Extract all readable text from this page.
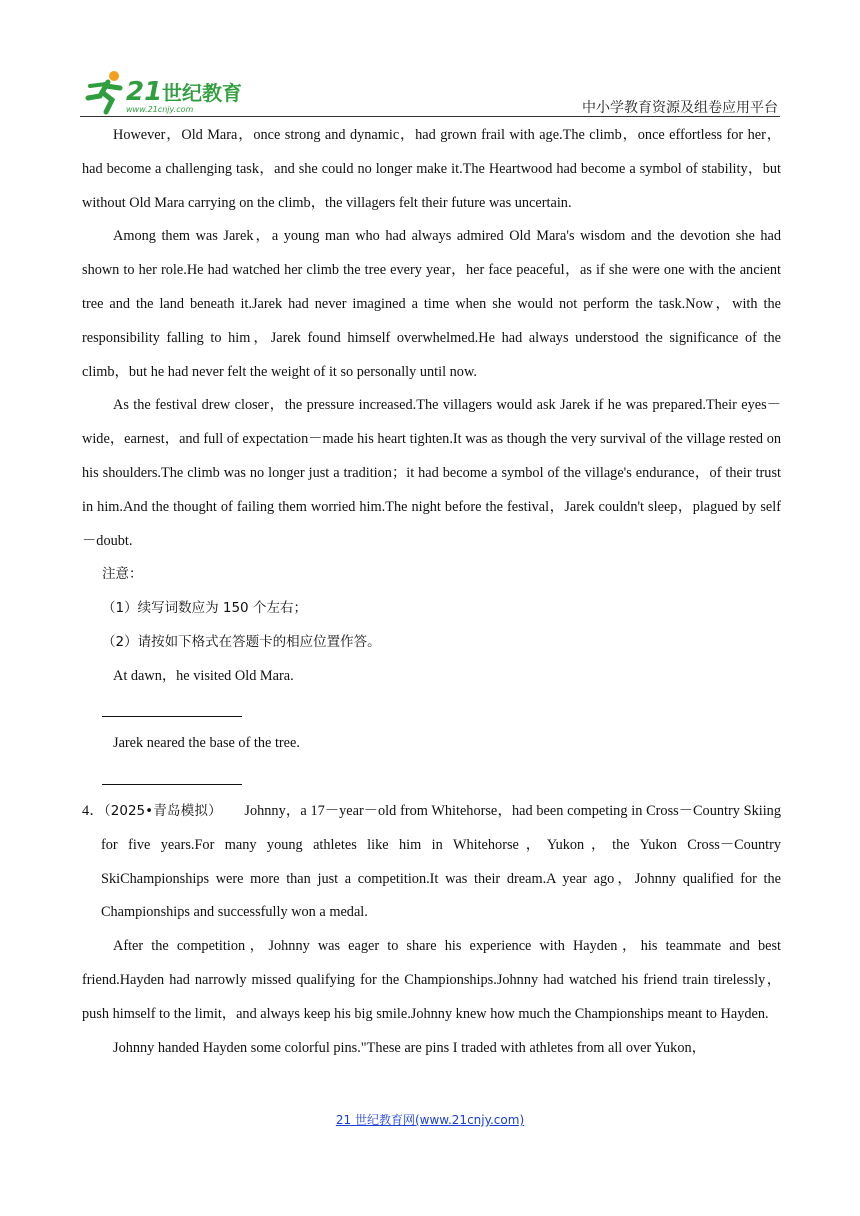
21 世纪教育
www.21cnjy.com	中小学教育资源及组卷应用平台

However，Old Mara，once strong and dynamic，had grown frail with age.The climb，once effortless for her，had become a challenging task，and she could no longer make it.The Heartwood had become a symbol of stability，but without Old Mara carrying on the climb，the villagers felt their future was uncertain.

Among them was Jarek，a young man who had always admired Old Mara's wisdom and the devotion she had shown to her role.He had watched her climb the tree every year，her face peaceful，as if she were one with the ancient tree and the land beneath it.Jarek had never imagined a time when she would not perform the task.Now，with the responsibility falling to him，Jarek found himself overwhelmed.He had always understood the significance of the climb，but he had never felt the weight of it so personally until now.

As the festival drew closer，the pressure increased.The villagers would ask Jarek if he was prepared.Their eyes－wide，earnest，and full of expectation－made his heart tighten.It was as though the very survival of the village rested on his shoulders.The climb was no longer just a tradition；it had become a symbol of the village's endurance，of their trust in him.And the thought of failing them worried him.The night before the festival，Jarek couldn't sleep，plagued by self－doubt.

注意：

（1）续写词数应为 150 个左右；

（2）请按如下格式在答题卡的相应位置作答。

At dawn，he visited Old Mara.

Jarek neared the base of the tree.

4．（2025•青岛模拟） Johnny，a 17－year－old from Whitehorse，had been competing in Cross－Country Skiing for five years.For many young athletes like him in Whitehorse，Yukon，the Yukon Cross－Country SkiChampionships were more than just a competition.It was their dream.A year ago，Johnny qualified for the Championships and successfully won a medal.

After the competition，Johnny was eager to share his experience with Hayden，his teammate and best friend.Hayden had narrowly missed qualifying for the Championships.Johnny had watched his friend train tirelessly，push himself to the limit，and always keep his big smile.Johnny knew how much the Championships meant to Hayden.

Johnny handed Hayden some colorful pins."These are pins I traded with athletes from all over Yukon，

21 世纪教育网(www.21cnjy.com)
